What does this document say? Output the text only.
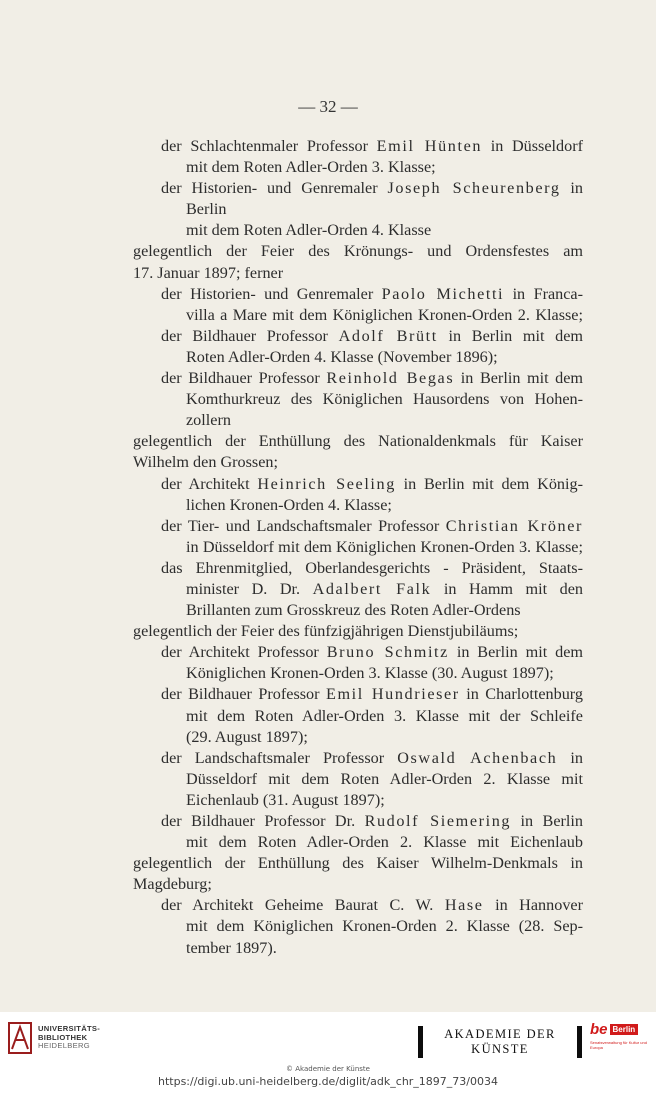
— 32 —
der Schlachtenmaler Professor Emil Hünten in Düsseldorf
mit dem Roten Adler-Orden 3. Klasse;
der Historien- und Genremaler Joseph Scheurenberg in
Berlin
mit dem Roten Adler-Orden 4. Klasse
gelegentlich der Feier des Krönungs- und Ordensfestes am
17. Januar 1897; ferner
der Historien- und Genremaler Paolo Michetti in Franca-
villa a Mare mit dem Königlichen Kronen-Orden 2. Klasse;
der Bildhauer Professor Adolf Brütt in Berlin mit dem
Roten Adler-Orden 4. Klasse (November 1896);
der Bildhauer Professor Reinhold Begas in Berlin mit dem
Komthurkreuz des Königlichen Hausordens von Hohen-
zollern
gelegentlich der Enthüllung des Nationaldenkmals für Kaiser
Wilhelm den Grossen;
der Architekt Heinrich Seeling in Berlin mit dem König-
lichen Kronen-Orden 4. Klasse;
der Tier- und Landschaftsmaler Professor Christian Kröner
in Düsseldorf mit dem Königlichen Kronen-Orden 3. Klasse;
das Ehrenmitglied, Oberlandesgerichts - Präsident, Staats-
minister D. Dr. Adalbert Falk in Hamm mit den
Brillanten zum Grosskreuz des Roten Adler-Ordens
gelegentlich der Feier des fünfzigjährigen Dienstjubiläums;
der Architekt Professor Bruno Schmitz in Berlin mit dem
Königlichen Kronen-Orden 3. Klasse (30. August 1897);
der Bildhauer Professor Emil Hundrieser in Charlottenburg
mit dem Roten Adler-Orden 3. Klasse mit der Schleife
(29. August 1897);
der Landschaftsmaler Professor Oswald Achenbach in
Düsseldorf mit dem Roten Adler-Orden 2. Klasse mit
Eichenlaub (31. August 1897);
der Bildhauer Professor Dr. Rudolf Siemering in Berlin
mit dem Roten Adler-Orden 2. Klasse mit Eichenlaub
gelegentlich der Enthüllung des Kaiser Wilhelm-Denkmals in
Magdeburg;
der Architekt Geheime Baurat C. W. Hase in Hannover
mit dem Königlichen Kronen-Orden 2. Klasse (28. Sep-
tember 1897).
UNIVERSITÄTS-
BIBLIOTHEK
HEIDELBERG
AKADEMIE DER KÜNSTE
be Berlin
Senatsverwaltung für Kultur und Europa
© Akademie der Künste
https://digi.ub.uni-heidelberg.de/diglit/adk_chr_1897_73/0034
